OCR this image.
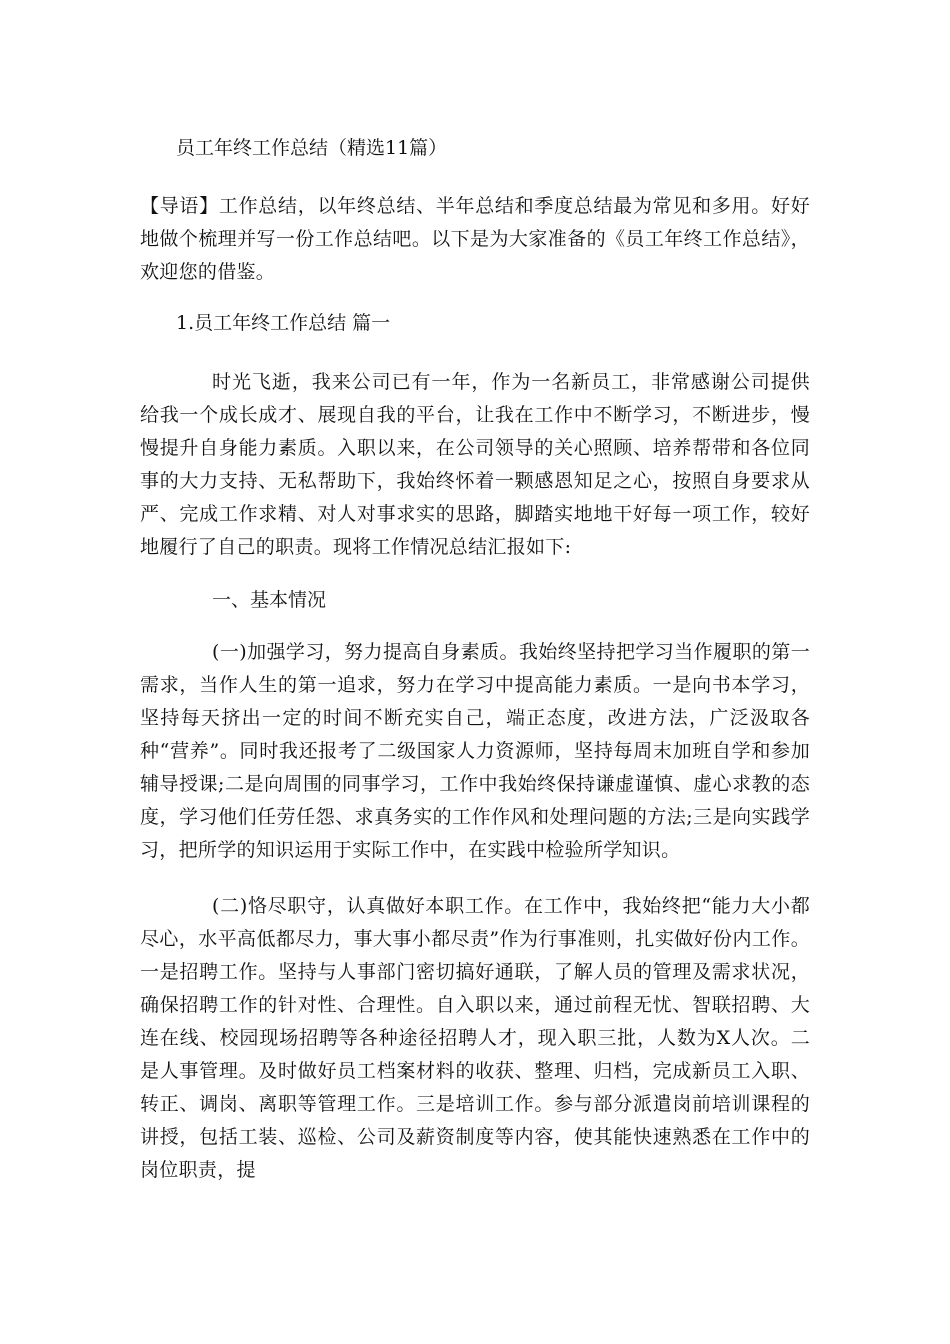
员工年终工作总结（精选11篇）
【导语】工作总结，以年终总结、半年总结和季度总结最为常见和多用。好好地做个梳理并写一份工作总结吧。以下是为大家准备的《员工年终工作总结》，欢迎您的借鉴。
1.员工年终工作总结 篇一
时光飞逝，我来公司已有一年，作为一名新员工，非常感谢公司提供给我一个成长成才、展现自我的平台，让我在工作中不断学习，不断进步，慢慢提升自身能力素质。入职以来，在公司领导的关心照顾、培养帮带和各位同事的大力支持、无私帮助下，我始终怀着一颗感恩知足之心，按照自身要求从严、完成工作求精、对人对事求实的思路，脚踏实地地干好每一项工作，较好地履行了自己的职责。现将工作情况总结汇报如下:
一、基本情况
(一)加强学习，努力提高自身素质。我始终坚持把学习当作履职的第一需求，当作人生的第一追求，努力在学习中提高能力素质。一是向书本学习，坚持每天挤出一定的时间不断充实自己，端正态度，改进方法，广泛汲取各种“营养”。同时我还报考了二级国家人力资源师，坚持每周末加班自学和参加辅导授课;二是向周围的同事学习，工作中我始终保持谦虚谨慎、虚心求教的态度，学习他们任劳任怨、求真务实的工作作风和处理问题的方法;三是向实践学习，把所学的知识运用于实际工作中，在实践中检验所学知识。
(二)恪尽职守，认真做好本职工作。在工作中，我始终把“能力大小都尽心，水平高低都尽力，事大事小都尽责”作为行事准则，扎实做好份内工作。一是招聘工作。坚持与人事部门密切搞好通联，了解人员的管理及需求状况，确保招聘工作的针对性、合理性。自入职以来，通过前程无忧、智联招聘、大连在线、校园现场招聘等各种途径招聘人才，现入职三批，人数为X人次。二是人事管理。及时做好员工档案材料的收获、整理、归档，完成新员工入职、转正、调岗、离职等管理工作。三是培训工作。参与部分派遣岗前培训课程的讲授，包括工装、巡检、公司及薪资制度等内容，使其能快速熟悉在工作中的岗位职责，提
